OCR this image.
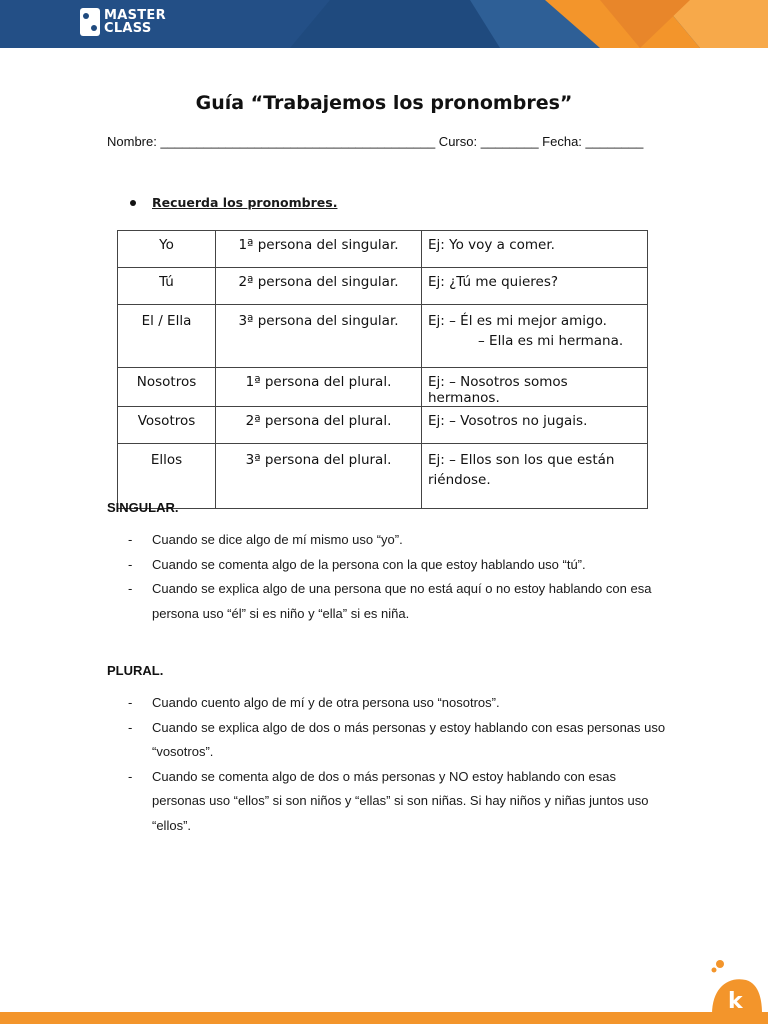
MASTER
CLASS
Guía “Trabajemos los pronombres”
Nombre: ______________________________________ Curso: ________ Fecha: ________
Recuerda los pronombres.
Yo	1ª persona del singular.	Ej: Yo voy a comer.
Tú	2ª persona del singular.	Ej: ¿Tú me quieres?
El / Ella	3ª persona del singular.	Ej: – Él es mi mejor amigo.
– Ella es mi hermana.

Nosotros	1ª persona del plural.	Ej: – Nosotros somos hermanos.
Vosotros	2ª persona del plural.	Ej: – Vosotros no jugais.
Ellos	3ª persona del plural.	Ej: – Ellos son los que están
riéndose.
SINGULAR.
- Cuando se dice algo de mí mismo uso “yo”.
- Cuando se comenta algo de la persona con la que estoy hablando uso “tú”.
- Cuando se explica algo de una persona que no está aquí o no estoy hablando con esa persona uso “él” si es niño y “ella” si es niña.
PLURAL.
- Cuando cuento algo de mí y de otra persona uso “nosotros”.
- Cuando se explica algo de dos o más personas y estoy hablando con esas personas uso “vosotros”.
- Cuando se comenta algo de dos o más personas y NO estoy hablando con esas personas uso “ellos” si son niños y “ellas” si son niñas. Si hay niños y niñas juntos uso “ellos”.
k
